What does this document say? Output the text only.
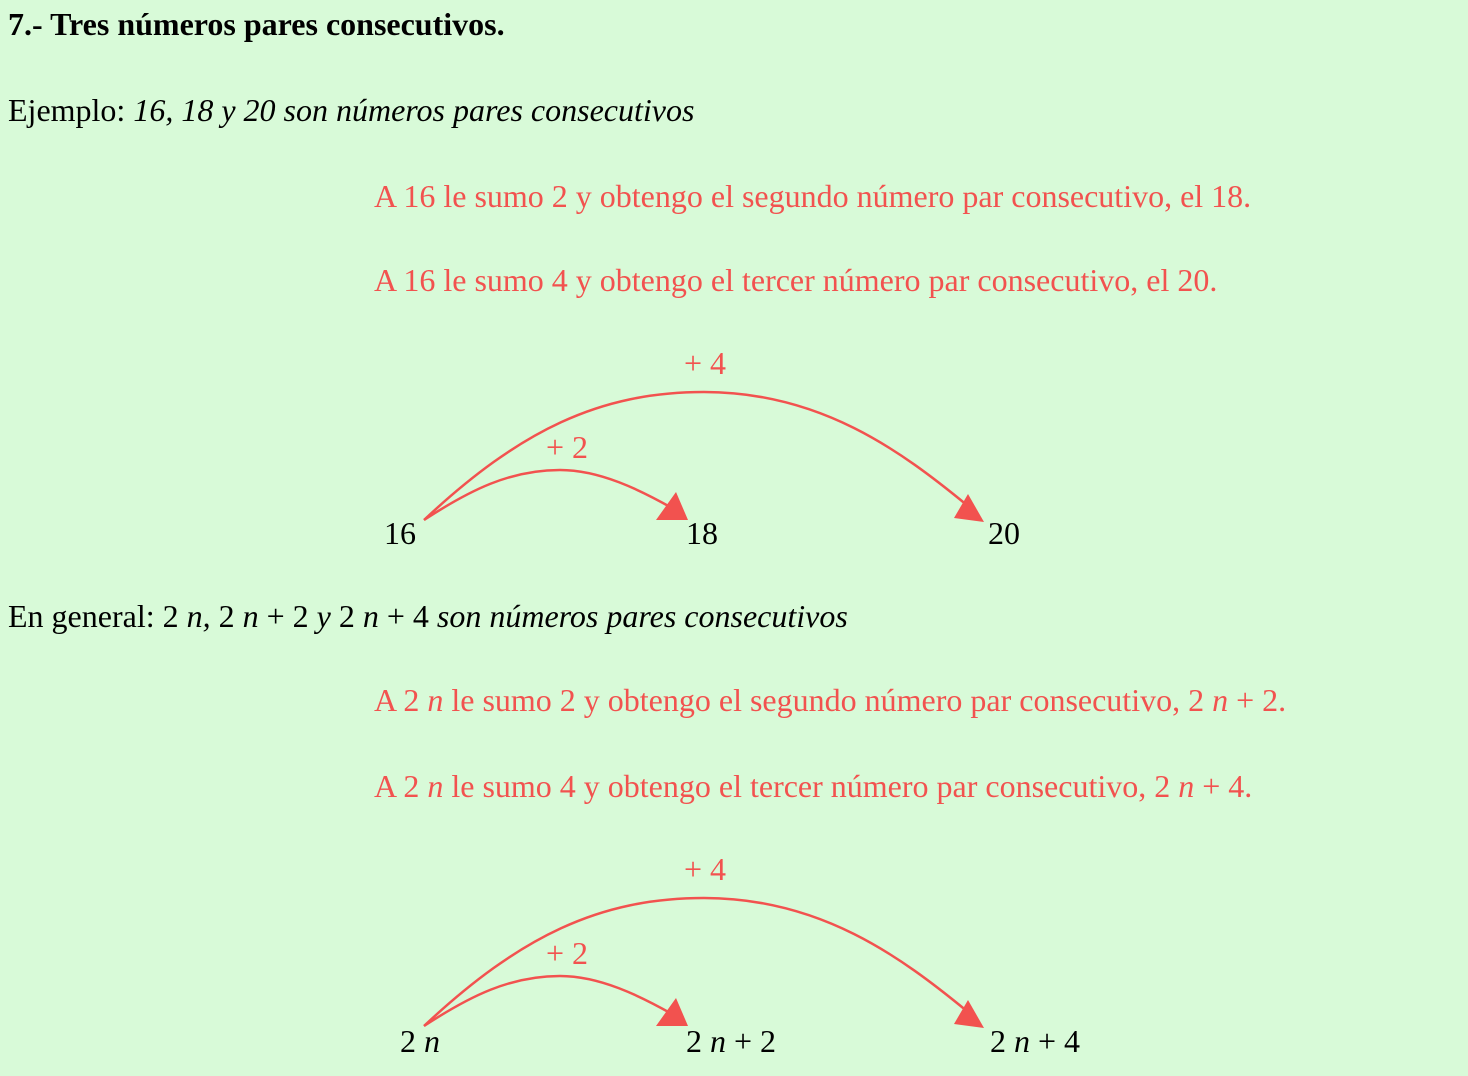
7.- Tres números pares consecutivos.
Ejemplo: 16, 18 y 20 son números pares consecutivos
A 16 le sumo 2 y obtengo el segundo número par consecutivo, el 18.
A 16 le sumo 4 y obtengo el tercer número par consecutivo, el 20.
+ 4
+ 2
16	18	20
En general: 2 n, 2 n + 2 y 2 n + 4 son números pares consecutivos
A 2 n le sumo 2 y obtengo el segundo número par consecutivo, 2 n + 2.
A 2 n le sumo 4 y obtengo el tercer número par consecutivo, 2 n + 4.
+ 4
+ 2
2 n	2 n + 2	2 n + 4
